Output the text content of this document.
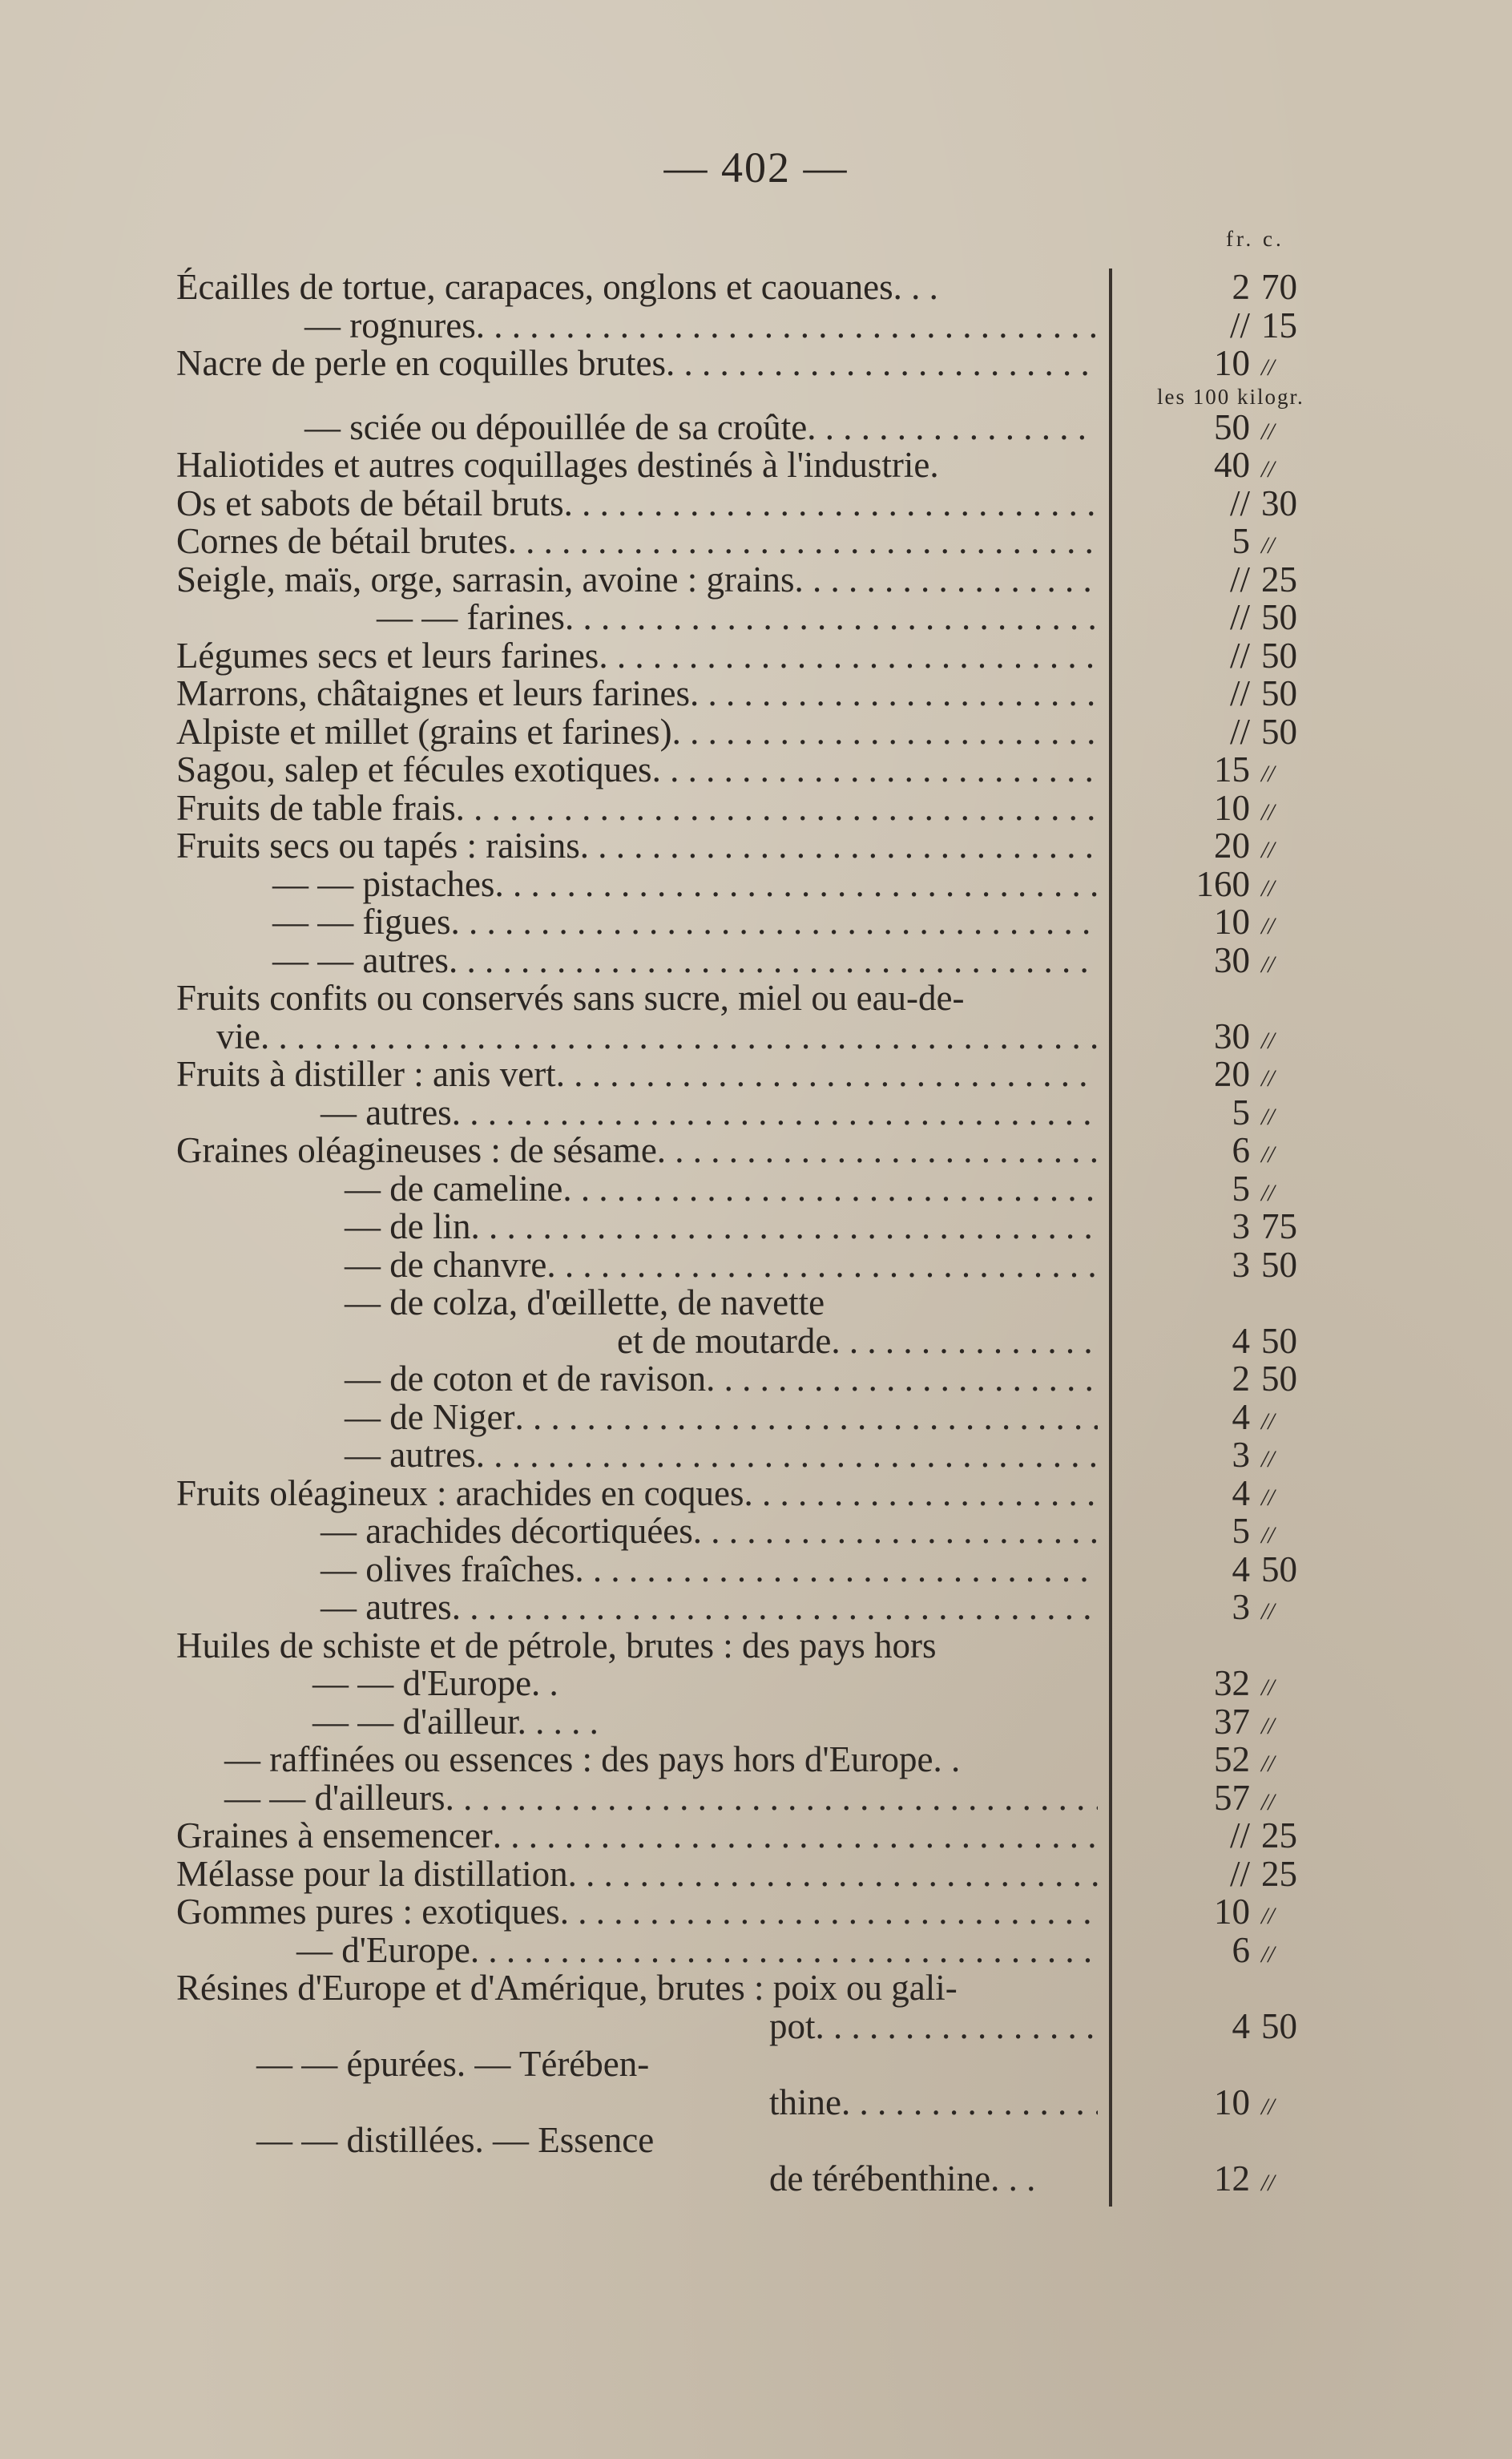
— 402 —
fr. c.
les 100 kilogr.
Écailles de tortue, carapaces, onglons et caouanes. . .	2 70
— rognures . . .	// 15
Nacre de perle en coquilles brutes . . .	10 //
— sciée ou dépouillée de sa croûte . . .	50 //
Haliotides et autres coquillages destinés à l'industrie.	40 //
Os et sabots de bétail bruts . . .	// 30
Cornes de bétail brutes . . .	5 //
Seigle, maïs, orge, sarrasin, avoine : grains . . .	// 25
— — farines . . .	// 50
Légumes secs et leurs farines . . .	// 50
Marrons, châtaignes et leurs farines . . .	// 50
Alpiste et millet (grains et farines) . . .	// 50
Sagou, salep et fécules exotiques . . .	15 //
Fruits de table frais . . .	10 //
Fruits secs ou tapés : raisins . . .	20 //
— — pistaches . . .	160 //
— — figues . . .	10 //
— — autres . . .	30 //
Fruits confits ou conservés sans sucre, miel ou eau-de-
vie . . .	30 //
Fruits à distiller : anis vert . . .	20 //
— autres . . .	5 //
Graines oléagineuses : de sésame . . .	6 //
— de cameline . . .	5 //
— de lin . . .	3 75
— de chanvre . . .	3 50
— de colza, d'œillette, de navette
et de moutarde . . .	4 50
— de coton et de ravison . . .	2 50
— de Niger . . .	4 //
— autres . . .	3 //
Fruits oléagineux : arachides en coques . . .	4 //
— arachides décortiquées . . .	5 //
— olives fraîches . . .	4 50
— autres . . .	3 //
Huiles de schiste et de pétrole, brutes : des pays hors
— — d'Europe. .	32 //
— — d'ailleur. . . . .	37 //
— raffinées ou essences : des pays hors d'Europe. .	52 //
— — d'ailleurs . . .	57 //
Graines à ensemencer . . .	// 25
Mélasse pour la distillation . . .	// 25
Gommes pures : exotiques . . .	10 //
— d'Europe . . .	6 //
Résines d'Europe et d'Amérique, brutes : poix ou gali-
pot . . .	4 50
— — épurées. — Térében-
thine . . .	10 //
— — distillées. — Essence
de térébenthine. . .	12 //
